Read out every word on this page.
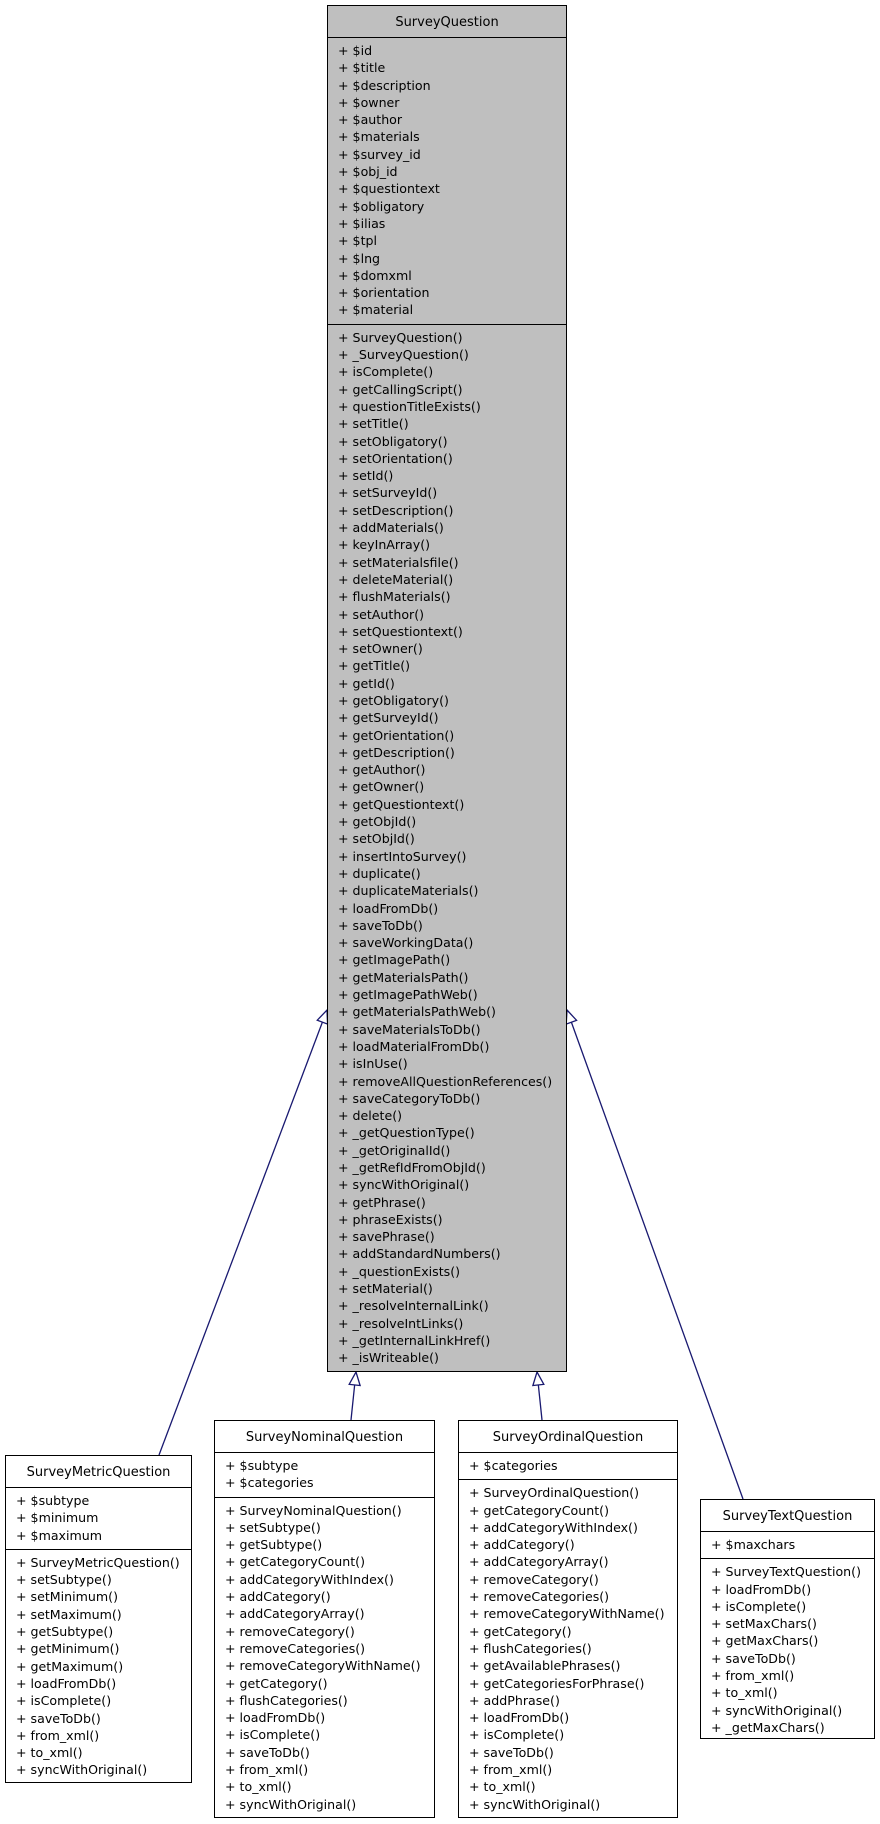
SurveyQuestion
+ $id
+ $title
+ $description
+ $owner
+ $author
+ $materials
+ $survey_id
+ $obj_id
+ $questiontext
+ $obligatory
+ $ilias
+ $tpl
+ $lng
+ $domxml
+ $orientation
+ $material
+ SurveyQuestion()
+ _SurveyQuestion()
+ isComplete()
+ getCallingScript()
+ questionTitleExists()
+ setTitle()
+ setObligatory()
+ setOrientation()
+ setId()
+ setSurveyId()
+ setDescription()
+ addMaterials()
+ keyInArray()
+ setMaterialsfile()
+ deleteMaterial()
+ flushMaterials()
+ setAuthor()
+ setQuestiontext()
+ setOwner()
+ getTitle()
+ getId()
+ getObligatory()
+ getSurveyId()
+ getOrientation()
+ getDescription()
+ getAuthor()
+ getOwner()
+ getQuestiontext()
+ getObjId()
+ setObjId()
+ insertIntoSurvey()
+ duplicate()
+ duplicateMaterials()
+ loadFromDb()
+ saveToDb()
+ saveWorkingData()
+ getImagePath()
+ getMaterialsPath()
+ getImagePathWeb()
+ getMaterialsPathWeb()
+ saveMaterialsToDb()
+ loadMaterialFromDb()
+ isInUse()
+ removeAllQuestionReferences()
+ saveCategoryToDb()
+ delete()
+ _getQuestionType()
+ _getOriginalId()
+ _getRefIdFromObjId()
+ syncWithOriginal()
+ getPhrase()
+ phraseExists()
+ savePhrase()
+ addStandardNumbers()
+ _questionExists()
+ setMaterial()
+ _resolveInternalLink()
+ _resolveIntLinks()
+ _getInternalLinkHref()
+ _isWriteable()
SurveyMetricQuestion
+ $subtype
+ $minimum
+ $maximum
+ SurveyMetricQuestion()
+ setSubtype()
+ setMinimum()
+ setMaximum()
+ getSubtype()
+ getMinimum()
+ getMaximum()
+ loadFromDb()
+ isComplete()
+ saveToDb()
+ from_xml()
+ to_xml()
+ syncWithOriginal()
SurveyNominalQuestion
+ $subtype
+ $categories
+ SurveyNominalQuestion()
+ setSubtype()
+ getSubtype()
+ getCategoryCount()
+ addCategoryWithIndex()
+ addCategory()
+ addCategoryArray()
+ removeCategory()
+ removeCategories()
+ removeCategoryWithName()
+ getCategory()
+ flushCategories()
+ loadFromDb()
+ isComplete()
+ saveToDb()
+ from_xml()
+ to_xml()
+ syncWithOriginal()
SurveyOrdinalQuestion
+ $categories
+ SurveyOrdinalQuestion()
+ getCategoryCount()
+ addCategoryWithIndex()
+ addCategory()
+ addCategoryArray()
+ removeCategory()
+ removeCategories()
+ removeCategoryWithName()
+ getCategory()
+ flushCategories()
+ getAvailablePhrases()
+ getCategoriesForPhrase()
+ addPhrase()
+ loadFromDb()
+ isComplete()
+ saveToDb()
+ from_xml()
+ to_xml()
+ syncWithOriginal()
SurveyTextQuestion
+ $maxchars
+ SurveyTextQuestion()
+ loadFromDb()
+ isComplete()
+ setMaxChars()
+ getMaxChars()
+ saveToDb()
+ from_xml()
+ to_xml()
+ syncWithOriginal()
+ _getMaxChars()
